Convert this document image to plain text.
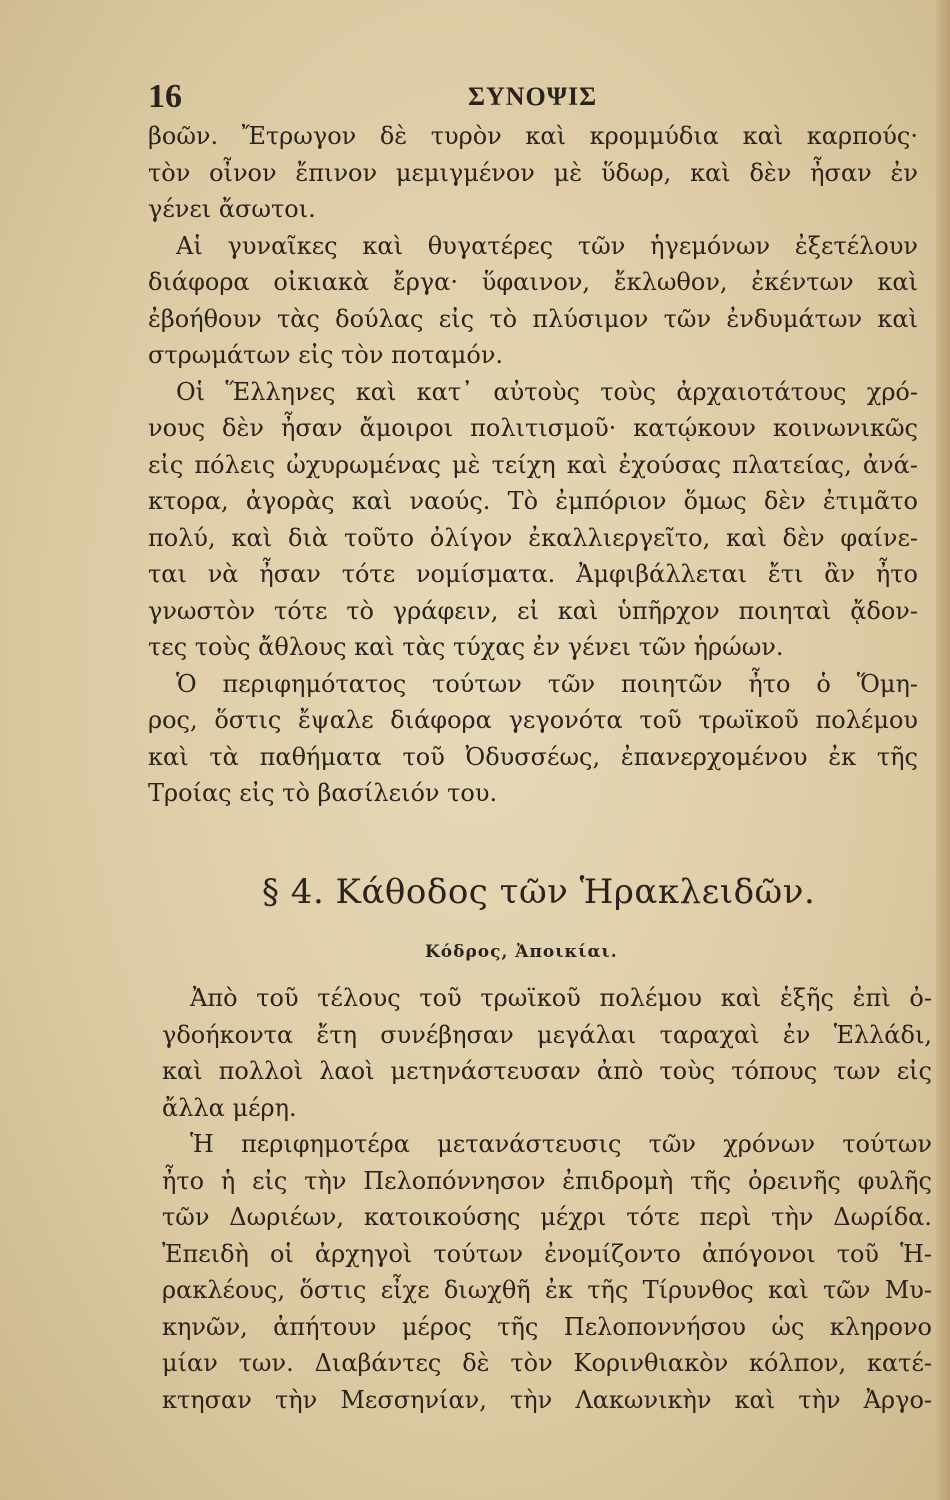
16	ΣΥΝΟΨΙΣ
βοῶν. Ἔτρωγον δὲ τυρὸν καὶ κρομμύδια καὶ καρπούς·
τὸν οἶνον ἔπινον μεμιγμένον μὲ ὕδωρ, καὶ δὲν ἦσαν ἐν
γένει ἄσωτοι.
Αἱ γυναῖκες καὶ θυγατέρες τῶν ἡγεμόνων ἐξετέλουν
διάφορα οἰκιακὰ ἔργα· ὕφαινον, ἔκλωθον, ἐκέντων καὶ
ἐβοήθουν τὰς δούλας εἰς τὸ πλύσιμον τῶν ἐνδυμάτων καὶ
στρωμάτων εἰς τὸν ποταμόν.
Οἱ Ἕλληνες καὶ κατ᾽ αὐτοὺς τοὺς ἀρχαιοτάτους χρό-
νους δὲν ἦσαν ἄμοιροι πολιτισμοῦ· κατῴκουν κοινωνικῶς
εἰς πόλεις ὠχυρωμένας μὲ τείχη καὶ ἐχούσας πλατείας, ἀνά-
κτορα, ἀγορὰς καὶ ναούς. Τὸ ἐμπόριον ὅμως δὲν ἐτιμᾶτο
πολύ, καὶ διὰ τοῦτο ὀλίγον ἐκαλλιεργεῖτο, καὶ δὲν φαίνε-
ται νὰ ἦσαν τότε νομίσματα. Ἀμφιβάλλεται ἔτι ἂν ἦτο
γνωστὸν τότε τὸ γράφειν, εἰ καὶ ὑπῆρχον ποιηταὶ ᾄδον-
τες τοὺς ἄθλους καὶ τὰς τύχας ἐν γένει τῶν ἡρώων.
Ὁ περιφημότατος τούτων τῶν ποιητῶν ἦτο ὁ Ὅμη-
ρος, ὅστις ἔψαλε διάφορα γεγονότα τοῦ τρωϊκοῦ πολέμου
καὶ τὰ παθήματα τοῦ Ὀδυσσέως, ἐπανερχομένου ἐκ τῆς
Τροίας εἰς τὸ βασίλειόν του.
§ 4. Κάθοδος τῶν Ἡρακλειδῶν.
Κόδρος, Ἀποικίαι.
Ἀπὸ τοῦ τέλους τοῦ τρωϊκοῦ πολέμου καὶ ἑξῆς ἐπὶ ὀ-
γδοήκοντα ἔτη συνέβησαν μεγάλαι ταραχαὶ ἐν Ἑλλάδι,
καὶ πολλοὶ λαοὶ μετηνάστευσαν ἀπὸ τοὺς τόπους των εἰς
ἄλλα μέρη.
Ἡ περιφημοτέρα μετανάστευσις τῶν χρόνων τούτων
ἦτο ἡ εἰς τὴν Πελοπόννησον ἐπιδρομὴ τῆς ὀρεινῆς φυλῆς
τῶν Δωριέων, κατοικούσης μέχρι τότε περὶ τὴν Δωρίδα.
Ἐπειδὴ οἱ ἀρχηγοὶ τούτων ἐνομίζοντο ἀπόγονοι τοῦ Ἡ-
ρακλέους, ὅστις εἶχε διωχθῆ ἐκ τῆς Τίρυνθος καὶ τῶν Μυ-
κηνῶν, ἀπήτουν μέρος τῆς Πελοποννήσου ὡς κληρονο
μίαν των. Διαβάντες δὲ τὸν Κορινθιακὸν κόλπον, κατέ-
κτησαν τὴν Μεσσηνίαν, τὴν Λακωνικὴν καὶ τὴν Ἀργο-
